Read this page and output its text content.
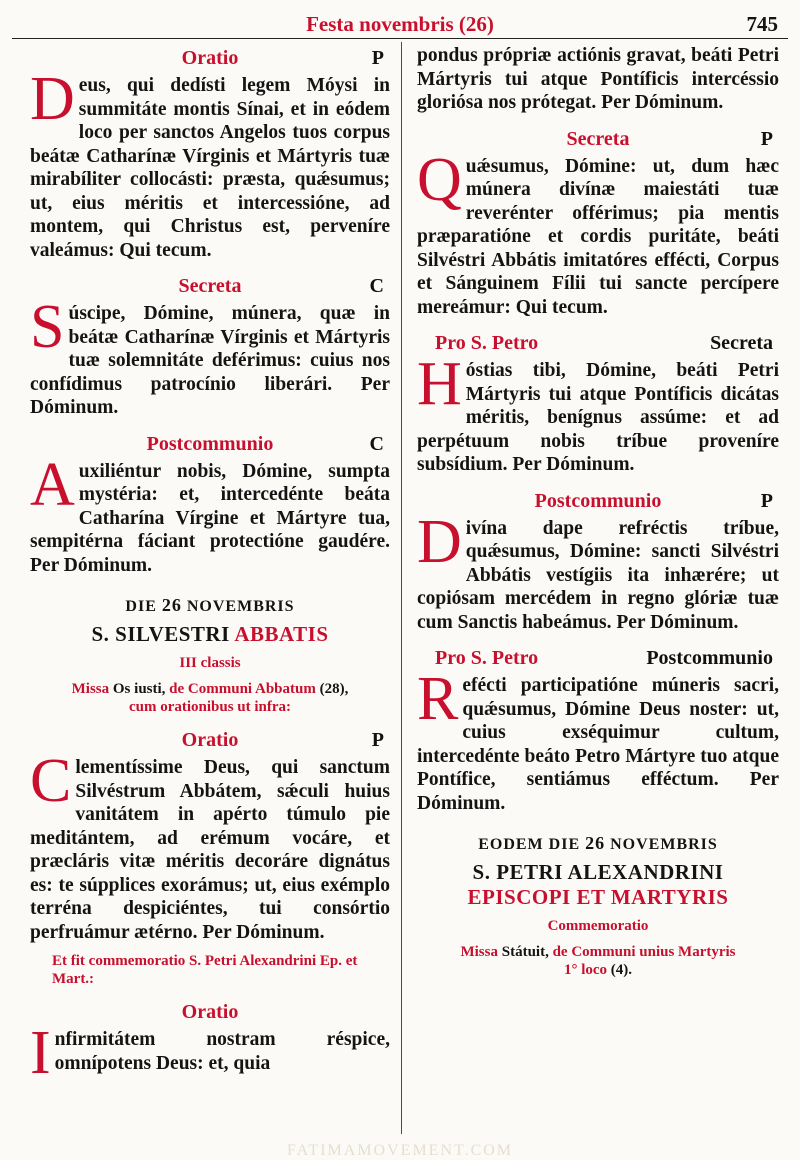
Festa novembris (26)	745
Oratio	P

Deus, qui dedísti legem Móysi in summitáte montis Sínai, et in eódem loco per sanctos Angelos tuos corpus beátæ Catharínæ Vírginis et Mártyris tuæ mirabíliter collocásti: præsta, quǽsumus; ut, eius méritis et intercessióne, ad montem, qui Christus est, perveníre valeámus: Qui tecum.

Secreta	C

Súscipe, Dómine, múnera, quæ in beátæ Catharínæ Vírginis et Mártyris tuæ solemnitáte deférimus: cuius nos confídimus patrocínio liberári. Per Dóminum.

Postcommunio	C

Auxiliéntur nobis, Dómine, sumpta mystéria: et, intercedénte beáta Catharína Vírgine et Mártyre tua, sempitérna fáciant protectióne gaudére. Per Dóminum.

DIE 26 NOVEMBRIS
S. SILVESTRI ABBATIS
III classis
Missa Os iusti, de Communi Abbatum (28),
cum orationibus ut infra:
Oratio	P

Clementíssime Deus, qui sanctum Silvéstrum Abbátem, sǽculi huius vanitátem in apérto túmulo pie meditántem, ad erémum vocáre, et præcláris vitæ méritis decoráre dignátus es: te súpplices exorámus; ut, eius exémplo terréna despiciéntes, tui consórtio perfruámur ætérno. Per Dóminum.

Et fit commemoratio S. Petri Alexandrini Ep. et Mart.:
Oratio

Infirmitátem nostram réspice, omnípotens Deus: et, quia

pondus própriæ actiónis gravat, beáti Petri Mártyris tui atque Pontíficis intercéssio gloriósa nos prótegat. Per Dóminum.

Secreta	P

Quǽsumus, Dómine: ut, dum hæc múnera divínæ maiestáti tuæ reverénter offérimus; pia mentis præparatióne et cordis puritáte, beáti Silvéstri Abbátis imitatóres effécti, Corpus et Sánguinem Fílii tui sancte percípere mereámur: Qui tecum.

Pro S. Petro	Secreta

Hóstias tibi, Dómine, beáti Petri Mártyris tui atque Pontíficis dicátas méritis, benígnus assúme: et ad perpétuum nobis tríbue proveníre subsídium. Per Dóminum.

Postcommunio	P

Divína dape refréctis tríbue, quǽsumus, Dómine: sancti Silvéstri Abbátis vestígiis ita inhærére; ut copiósam mercédem in regno glóriæ tuæ cum Sanctis habeámus. Per Dóminum.

Pro S. Petro	Postcommunio

Refécti participatióne múneris sacri, quǽsumus, Dómine Deus noster: ut, cuius exséquimur cultum, intercedénte beáto Petro Mártyre tuo atque Pontífice, sentiámus efféctum. Per Dóminum.

EODEM DIE 26 NOVEMBRIS
S. PETRI ALEXANDRINI
EPISCOPI ET MARTYRIS
Commemoratio
Missa Státuit, de Communi unius Martyris
1° loco (4).
FATIMAMOVEMENT.COM
